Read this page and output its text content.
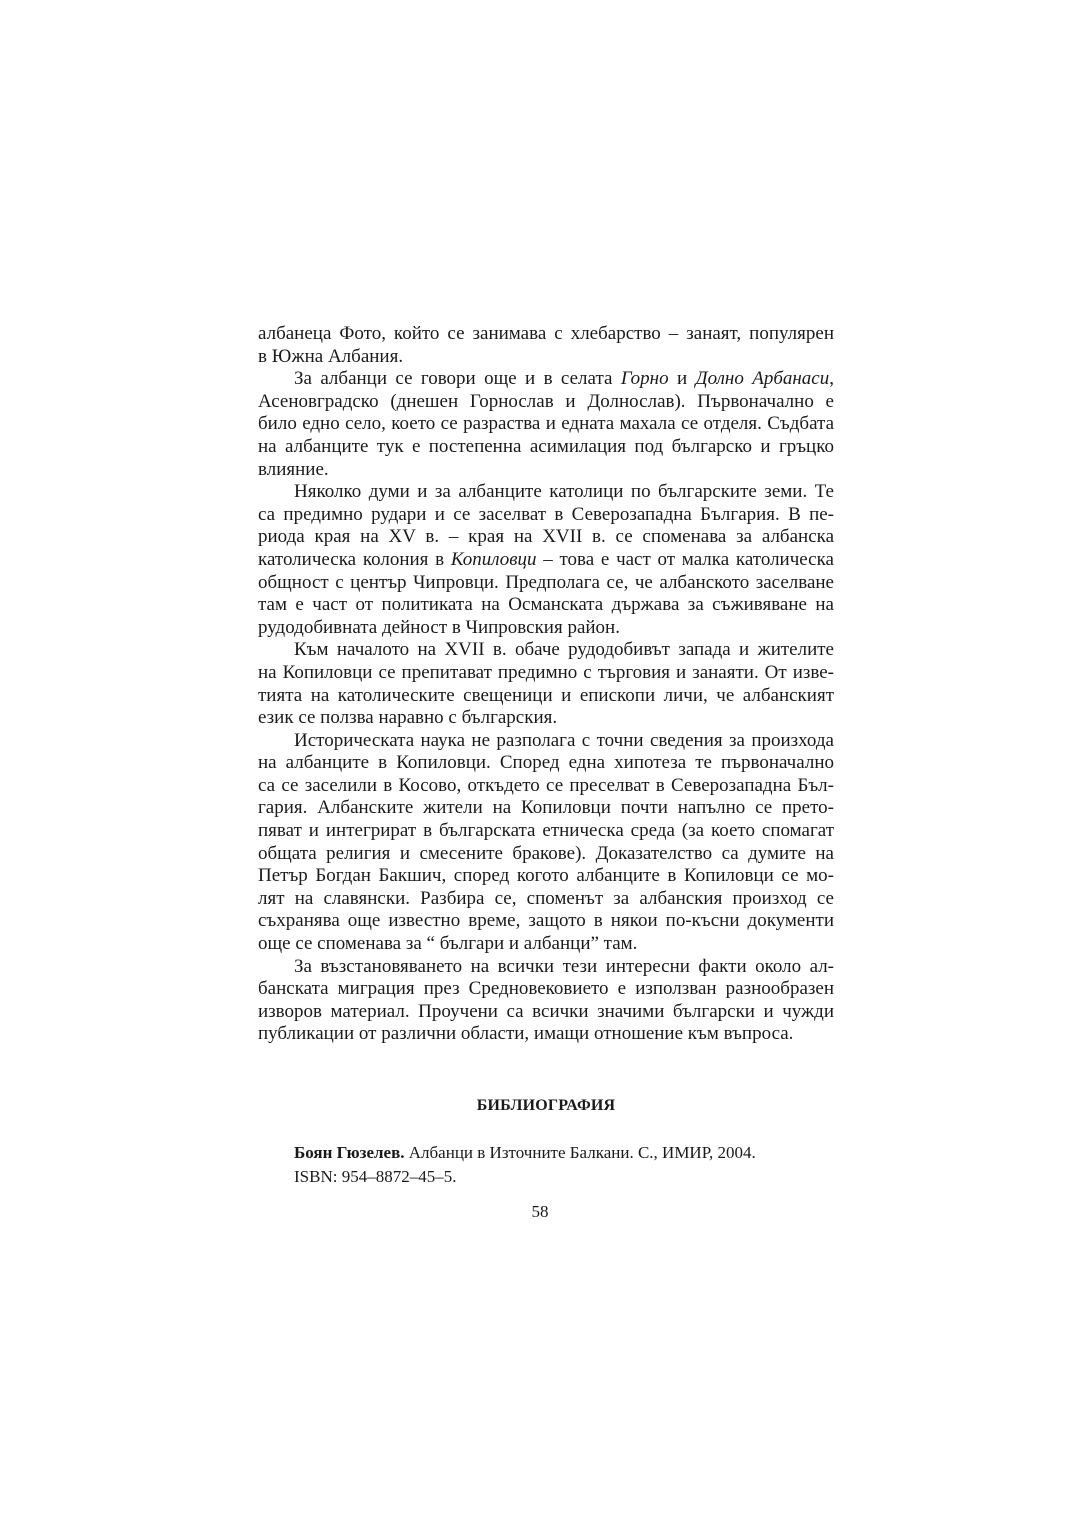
албанеца Фото, който се занимава с хлебарство – занаят, популярен
в Южна Албания.
За албанци се говори още и в селата Горно и Долно Арбанаси,
Асеновградско (днешен Горнослав и Долнослав). Първоначално е
било едно село, което се разраства и едната махала се отделя. Съдбата
на албанците тук е постепенна асимилация под българско и гръцко
влияние.
Няколко думи и за албанците католици по българските земи. Те
са предимно рудари и се заселват в Северозападна България. В пе-
риода края на XV в. – края на XVII в. се споменава за албанска
католическа колония в Копиловци – това е част от малка католическа
общност с център Чипровци. Предполага се, че албанското заселване
там е част от политиката на Османската държава за съживяване на
рудодобивната дейност в Чипровския район.
Към началото на XVII в. обаче рудодобивът запада и жителите
на Копиловци се препитават предимно с търговия и занаяти. От изве-
тията на католическите свещеници и епископи личи, че албанският
език се ползва наравно с българския.
Историческата наука не разполага с точни сведения за произхода
на албанците в Копиловци. Според една хипотеза те първоначално
са се заселили в Косово, откъдето се преселват в Северозападна Бъл-
гария. Албанските жители на Копиловци почти напълно се прето-
пяват и интегрират в българската етническа среда (за което спомагат
общата религия и смесените бракове). Доказателство са думите на
Петър Богдан Бакшич, според когото албанците в Копиловци се мо-
лят на славянски. Разбира се, споменът за албанския произход се
съхранява още известно време, защото в някои по-късни документи
още се споменава за “ българи и албанци” там.
За възстановяването на всички тези интересни факти около ал-
банската миграция през Средновековието е използван разнообразен
изворов материал. Проучени са всички значими български и чужди
публикации от различни области, имащи отношение към въпроса.
БИБЛИОГРАФИЯ
Боян Гюзелев. Албанци в Източните Балкани. С., ИМИР, 2004.
ISBN: 954–8872–45–5.
58
